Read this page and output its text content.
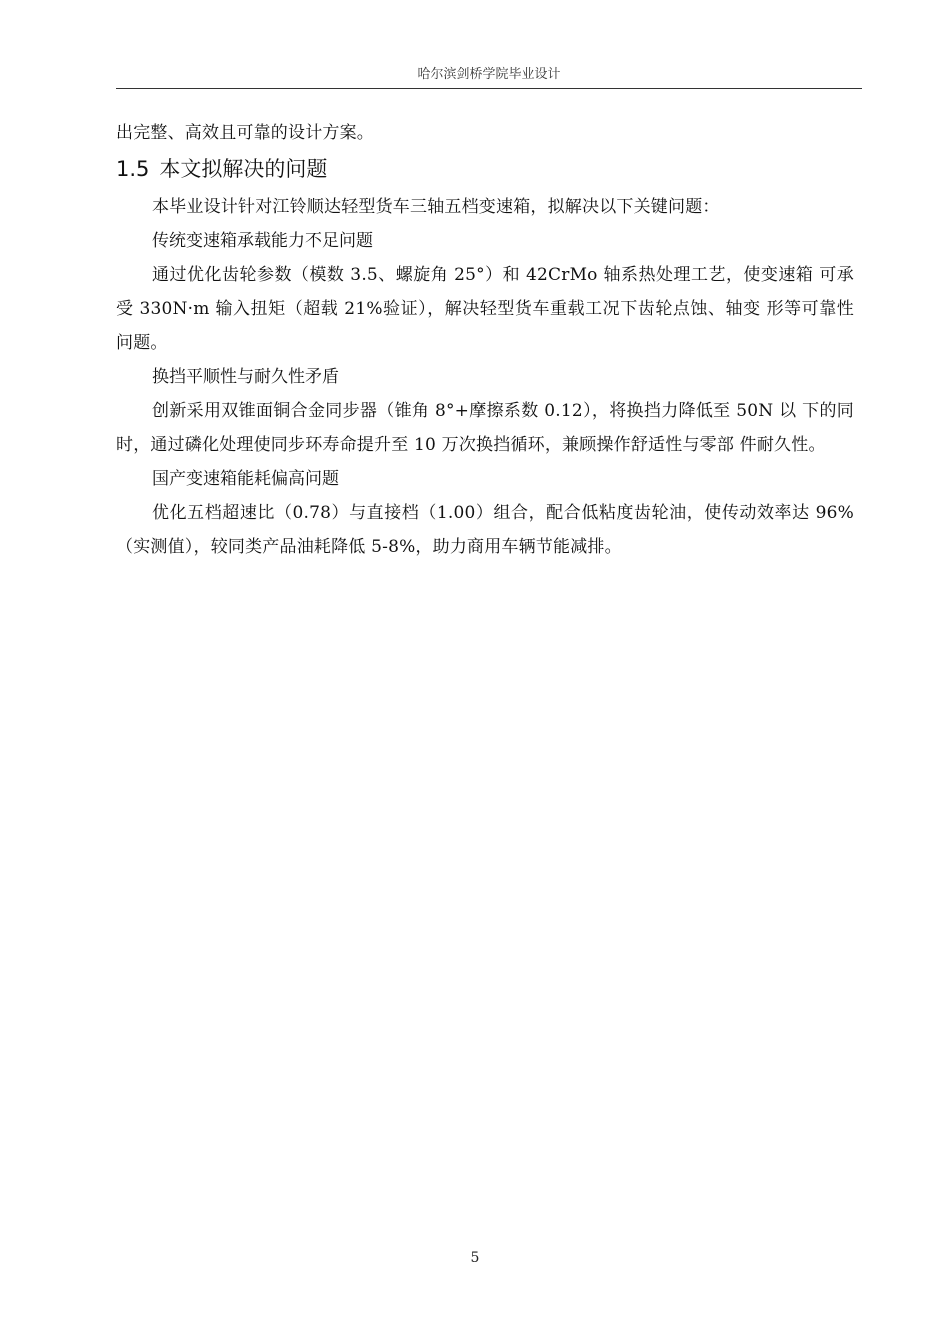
哈尔滨剑桥学院毕业设计

出完整、高效且可靠的设计方案。

1.5 本文拟解决的问题

本毕业设计针对江铃顺达轻型货车三轴五档变速箱，拟解决以下关键问题：

传统变速箱承载能力不足问题

通过优化齿轮参数（模数 3.5、螺旋角 25°）和 42CrMo 轴系热处理工艺，使变速箱 可承受 330N·m 输入扭矩（超载 21%验证），解决轻型货车重载工况下齿轮点蚀、轴变 形等可靠性问题。

换挡平顺性与耐久性矛盾

创新采用双锥面铜合金同步器（锥角 8°+摩擦系数 0.12），将换挡力降低至 50N 以 下的同时，通过磷化处理使同步环寿命提升至 10 万次换挡循环，兼顾操作舒适性与零部 件耐久性。

国产变速箱能耗偏高问题

优化五档超速比（0.78）与直接档（1.00）组合，配合低粘度齿轮油，使传动效率达 96%（实测值），较同类产品油耗降低 5-8%，助力商用车辆节能减排。

5
